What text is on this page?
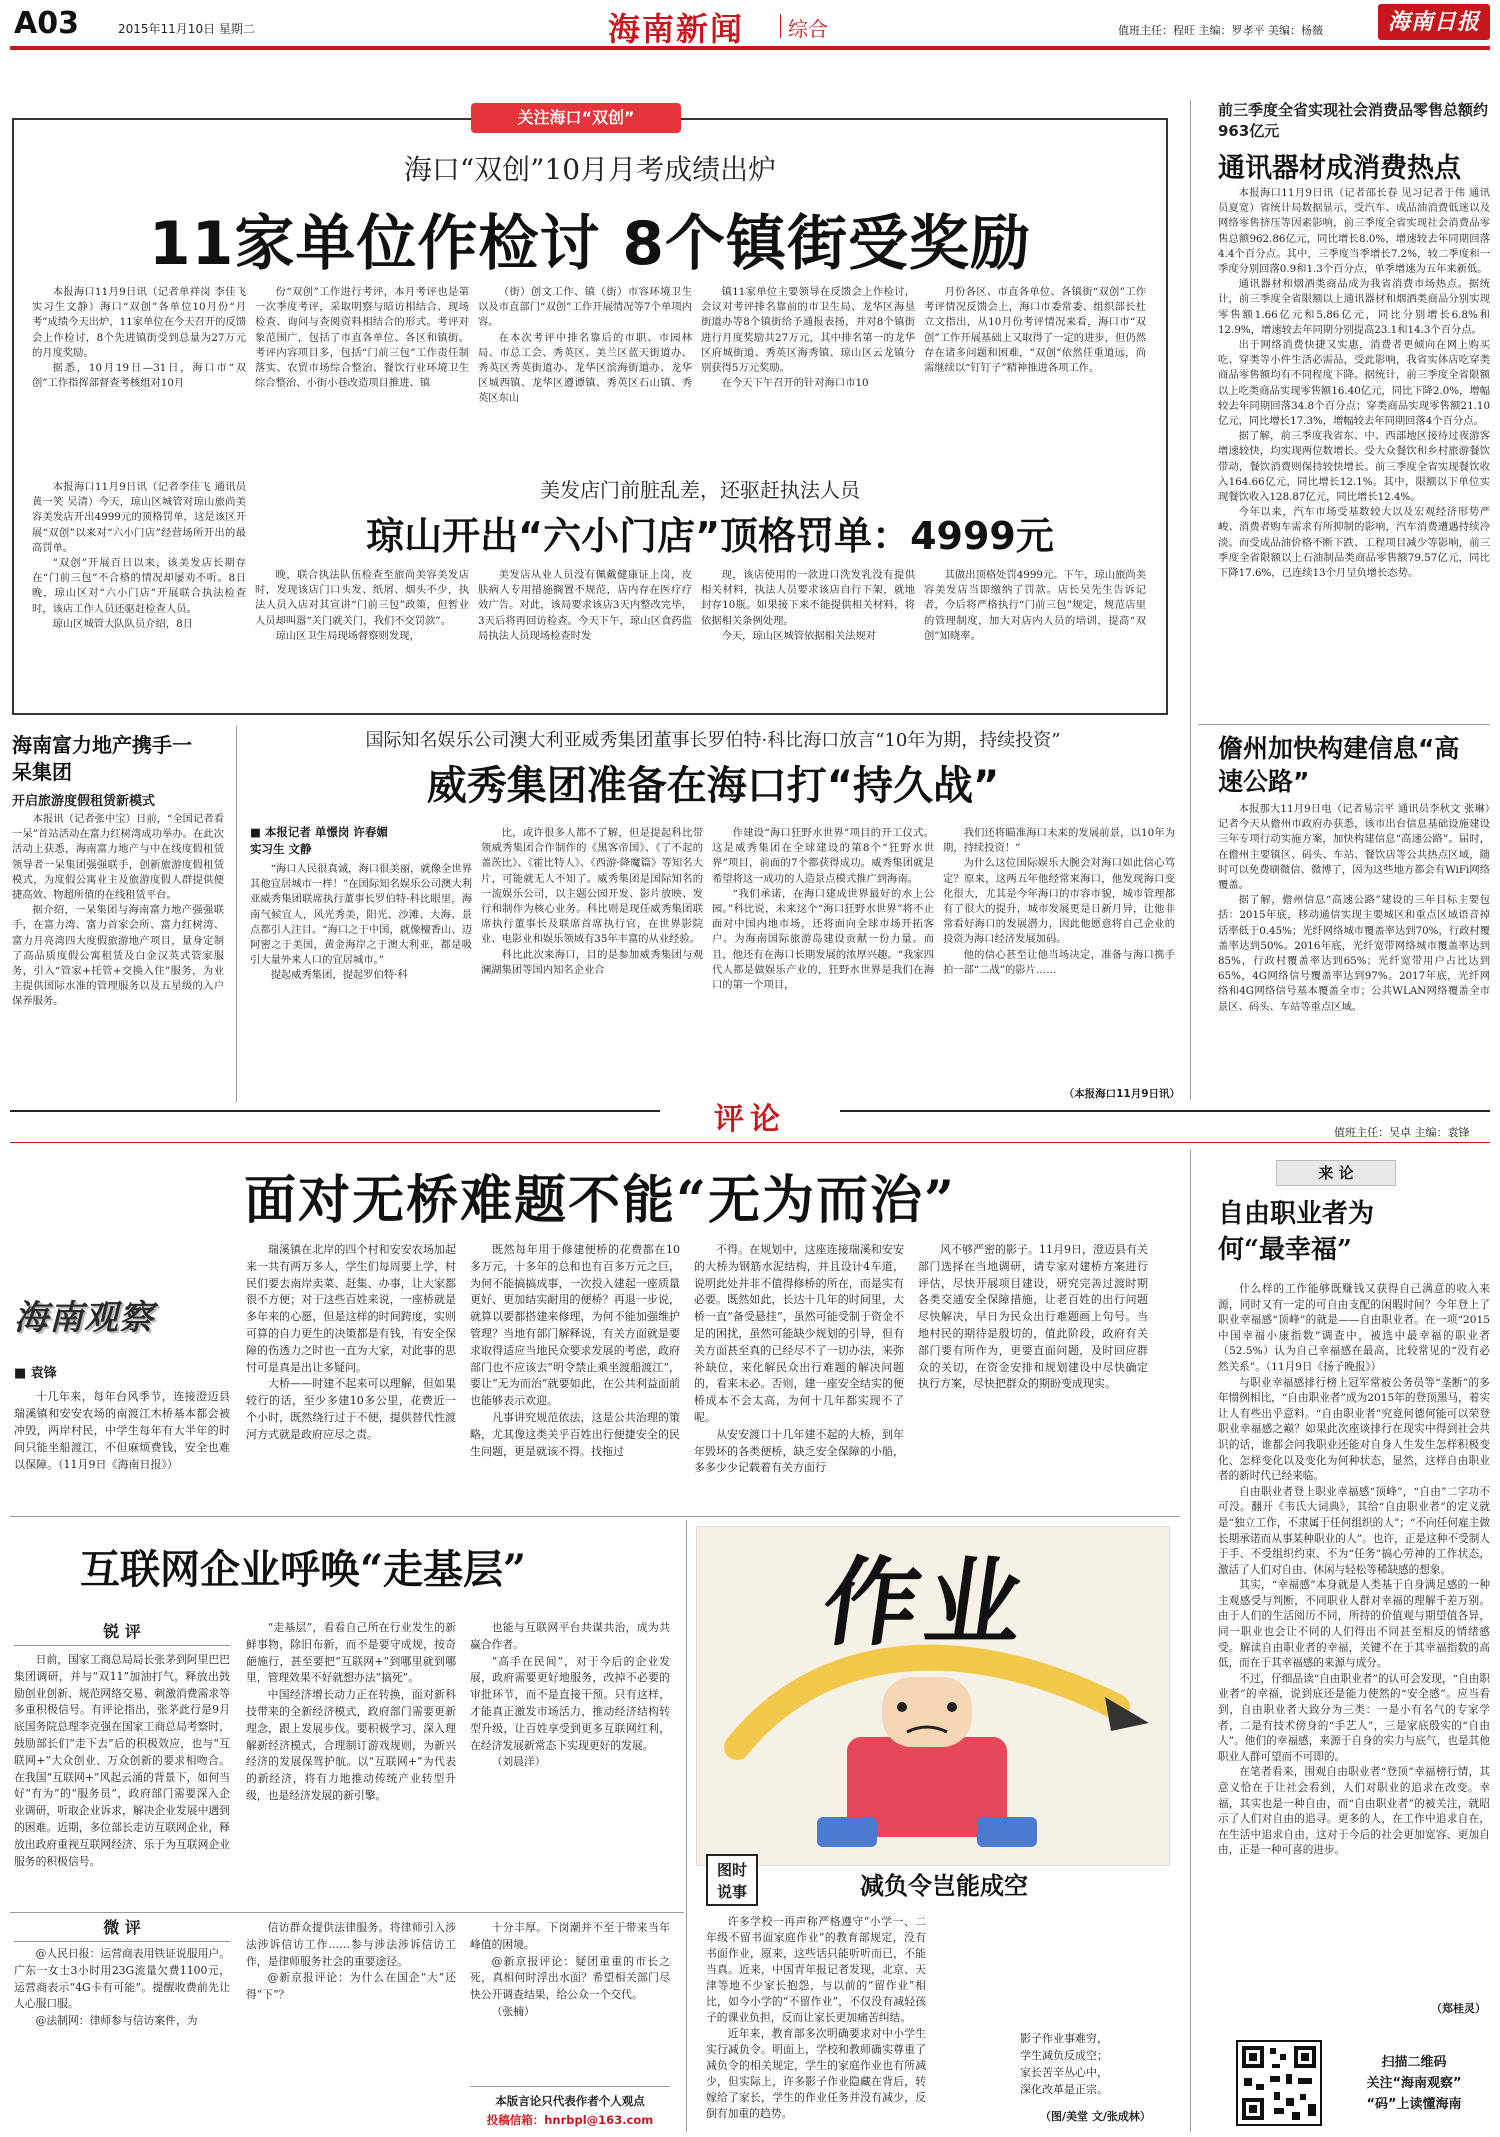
A03	2015年11月10日 星期二	海南新闻 综合	值班主任：程旺 主编：罗孝平 美编：杨薇	海南日报
关注海口“双创”
海口“双创”10月月考成绩出炉
11家单位作检讨 8个镇街受奖励

本报海口11月9日讯（记者单祥岗 李佳飞 实习生文静）海口“双创”各单位10月份“月考”成绩今天出炉，11家单位在今天召开的反馈会上作检讨，8个先进镇街受到总量为27万元的月度奖励。

据悉，10月19日—31日，海口市“双创”工作指挥部督查考核组对10月

份“双创”工作进行考评，本月考评也是第一次季度考评，采取明察与暗访相结合、现场检查、询问与查阅资料相结合的形式。考评对象范围广，包括了市直各单位、各区和镇街。考评内容项目多，包括“门前三包”工作责任制落实、农贸市场综合整治、餐饮行业环境卫生综合整治、小街小巷改造项目推进、镇

（街）创文工作、镇（街）市容环境卫生以及市直部门“双创”工作开展情况等7个单项内容。

在本次考评中排名靠后的市职、市园林局、市总工会、秀英区、美兰区蓝天街道办、秀英区秀英街道办、龙华区滨海街道办、龙华区城西镇、龙华区遵谭镇、秀英区石山镇、秀英区东山

镇11家单位主要领导在反馈会上作检讨，会议对考评排名靠前的市卫生局、龙华区海垦街道办等8个镇街给予通报表扬，并对8个镇街进行月度奖励共27万元，其中排名第一的龙华区府城街道、秀英区海秀镇、琼山区云龙镇分别获得5万元奖励。

在今天下午召开的针对海口市10

月份各区、市直各单位、各镇街“双创”工作考评情况反馈会上，海口市委常委、组织部长杜立文指出，从10月份考评情况来看，海口市“双创”工作开展基础上又取得了一定的进步，但仍然存在诸多问题和困难，“双创”依然任重道远，尚需继续以“钉钉子”精神推进各项工作。

美发店门前脏乱差，还驱赶执法人员
琼山开出“六小门店”顶格罚单：4999元

本报海口11月9日讯（记者李佳飞 通讯员黄一笑 吴清）今天，琼山区城管对琼山旅尚美容美发店开出4999元的顶格罚单，这是该区开展“双创”以来对“六小门店”经营场所开出的最高罚单。

“双创”开展百日以来，该美发店长期存在“门前三包”不合格的情况却屡劝不听。8日晚，琼山区对“六小门店”开展联合执法检查时，该店工作人员还驱赶检查人员。

琼山区城管大队队员介绍，8日

晚，联合执法队伍检查至旅尚美容美发店时，发现该店门口头发、纸屑、烟头不少，执法人员入店对其宣讲“门前三包”政策，但暂业人员却叫嚣“关门就关门，我们不交罚款”。

琼山区卫生局现场督察则发现，

美发店从业人员没有佩戴健康证上岗，皮肤病人专用措施搁置不规范，店内存在医疗疗效广告。对此，该局要求该店3天内整改完毕，3天后将再回访检查。今天下午，琼山区食药监局执法人员现场检查时发

现，该店使用的一款进口洗发乳没有提供相关材料，执法人员要求该店自行下架，就地封存10瓶。如果接下来不能提供相关材料，将依据相关条例处理。

今天，琼山区城管依据相关法规对

其做出顶格处罚4999元。下午，琼山旅尚美容美发店当即缴纳了罚款。店长吴先生告诉记者，今后将严格执行“门前三包”规定，规范店里的管理制度，加大对店内人员的培训，提高“双创”知晓率。

前三季度全省实现社会消费品零售总额约963亿元
通讯器材成消费热点

本报海口11月9日讯（记者邵长春 见习记者于伟 通讯员夏宽）省统计局数据显示，受汽车、成品油消费低迷以及网络零售挤压等因素影响，前三季度全省实现社会消费品零售总额962.86亿元，同比增长8.0%，增速较去年同期回落4.4个百分点。其中，三季度当季增长7.2%，较二季度和一季度分别回落0.9和1.3个百分点，单季增速为五年来新低。

通讯器材和烟酒类商品成为我省消费市场热点。据统计，前三季度全省限额以上通讯器材和烟酒类商品分别实现零售额1.66亿元和5.86亿元，同比分别增长6.8%和12.9%，增速较去年同期分别提高23.1和14.3个百分点。

出于网络消费快捷又实惠，消费者更倾向在网上购买吃、穿类等小件生活必需品，受此影响，我省实体店吃穿类商品零售额均有不同程度下降。据统计，前三季度全省限额以上吃类商品实现零售额16.40亿元，同比下降2.0%，增幅较去年同期回落34.8个百分点；穿类商品实现零售额21.10亿元，同比增长17.3%，增幅较去年同期回落4个百分点。

据了解，前三季度我省东、中、西部地区接待过夜游客增速较快，均实现两位数增长。受大众餐饮和乡村旅游餐饮带动，餐饮消费则保持较快增长。前三季度全省实现餐饮收入164.66亿元，同比增长12.1%。其中，限额以下单位实现餐饮收入128.87亿元，同比增长12.4%。

今年以来，汽车市场受基数较大以及宏观经济形势严峻、消费者购车需求有所抑制的影响，汽车消费遭遇持续冷淡。而受成品油价格不断下跌、工程项目减少等影响，前三季度全省限额以上石油制品类商品零售额79.57亿元，同比下降17.6%，已连续13个月呈负增长态势。

儋州加快构建信息“高速公路”

本报那大11月9日电（记者易宗平 通讯员李秋文 张琳）记者今天从儋州市政府办获悉，该市出台信息基础设施建设三年专项行动实施方案，加快构建信息“高速公路”。届时，在儋州主要镇区、码头、车站、餐饮店等公共热点区域，随时可以免费刷微信、微博了，因为这些地方都会有WiFi网络覆盖。

据了解，儋州信息“高速公路”建设的三年目标主要包括：2015年底，移动通信实现主要城区和重点区域语音掉话率低于0.45%；光纤网络城市覆盖率达到70%，行政村覆盖率达到50%。2016年底，光纤宽带网络城市覆盖率达到85%，行政村覆盖率达到65%；光纤宽带用户占比达到65%，4G网络信号覆盖率达到97%。2017年底，光纤网络和4G网络信号基本覆盖全市；公共WLAN网络覆盖全市景区、码头、车站等重点区域。

海南富力地产携手一呆集团
开启旅游度假租赁新模式

本报讯（记者张中宝）日前，“全国记者看一呆”首站活动在富力红树湾成功举办。在此次活动上获悉，海南富力地产与中在线度假租赁领导者一呆集团强强联手，创新旅游度假租赁模式，为度假公寓业主及旅游度假人群提供便捷高效、物超所值的在线租赁平台。

据介绍，一呆集团与海南富力地产强强联手，在富力湾、富力首家会所、富力红树湾、富力月亮湾四大度假旅游地产项目，量身定制了高品质度假公寓租赁及白金汉英式管家服务，引入“管家+托管+交换入住”服务，为业主提供国际水准的管理服务以及五星级的入户保养服务。

国际知名娱乐公司澳大利亚威秀集团董事长罗伯特·科比海口放言“10年为期，持续投资”
威秀集团准备在海口打“持久战”
■ 本报记者 单憬岗 许春媚
实习生 文静

“海口人民很真诚，海口很美丽，就像全世界其他宜居城市一样！”在国际知名娱乐公司澳大利亚威秀集团联席执行董事长罗伯特·科比眼里，海南气候宜人，风光秀美，阳光、沙滩、大海、景点都引人注目。“海口之于中国，就像檀香山、迈阿密之于美国，黄金海岸之于澳大利亚，都是吸引大量外来人口的宜居城市。”

提起威秀集团，提起罗伯特·科

比，或许很多人都不了解，但是提起科比带领威秀集团合作制作的《黑客帝国》、《了不起的盖茨比》、《霍比特人》、《西游·降魔篇》等知名大片，可能就无人不知了。威秀集团是国际知名的一流娱乐公司，以主题公园开发、影片放映、发行和制作为核心业务。科比则是现任威秀集团联席执行董事长及联席首席执行官，在世界影院业、电影业和娱乐领域有35年丰富的从业经验。

科比此次来海口，目的是参加威秀集团与观澜湖集团等国内知名企业合

作建设“海口狂野水世界”项目的开工仪式。这是威秀集团在全球建设的第8个“狂野水世界”项目，前面的7个都获得成功。威秀集团就是希望将这一成功的人造景点模式推广到海南。

“我们承诺，在海口建成世界最好的水上公园。”科比说，未来这个“海口狂野水世界”将不止面对中国内地市场，还将面向全球市场开拓客户。为海南国际旅游岛建设贡献一份力量。而且，他还有在海口长期发展的浓厚兴趣。“我家四代人都是做娱乐产业的，狂野水世界是我们在海口的第一个项目，

我们还将瞄准海口未来的发展前景，以10年为期，持续投资！”

为什么这位国际娱乐大腕会对海口如此信心笃定？原来，这两五年他经常来海口，他发现海口变化很大，尤其是今年海口的市容市貌，城市管理都有了很大的提升，城市发展更是日新月异，让他非常看好海口的发展潜力，因此他愿意将自己企业的投资为海口经济发展加码。

他的信心甚至让他当场决定，准备与海口携手拍一部“二战”的影片……

（本报海口11月9日讯）
评论	值班主任：吴卓 主编：袁锋
面对无桥难题不能“无为而治”
海南观察
■ 袁锋

十几年来，每年台风季节，连接澄迈县瑞溪镇和安安农场的南渡江木桥基本都会被冲毁，两岸村民，中学生每年有大半年的时间只能坐船渡江，不但麻烦费钱，安全也难以保障。（11月9日《海南日报》）

瑞溪镇在北岸的四个村和安安农场加起来一共有两万多人，学生们每周要上学，村民们要去南岸卖菜、赶集、办事，让大家都很不方便；对于这些百姓来说，一座桥就是多年来的心愿，但是这样的时间跨度，实则可算的自力更生的决策都是有钱，有安全保障的伤透力之时也一直为大家，对此事的思忖可是真是出让多疑问。

大桥——时建不起来可以理解，但如果较行的话，至少多建10多公里，花费近一个小时，既然绕行过于不便，提供替代性渡河方式就是政府应尽之责。

既然每年用于修建便桥的花费都在10多万元，十多年的总和也有百多万元之巨，为何不能搞搞成事，一次投入建起一座质量更好、更加结实耐用的便桥？再退一步说，就算以要都搭建来修理，为何不能加强维护管理？当地有部门解释说，有关方面就是要求取得适应当地民众要求发展的考虑，政府部门也不应该去“明令禁止乘坐渡船渡江”，要让“无为而治”就要如此，在公共利益面前也能够表示欢迎。

凡事讲究规范依法，这是公共治理的策略，尤其像这类关乎百姓出行便捷安全的民生问题，更是就该不得。找拖过

不得。在规划中，这座连接瑞溪和安安的大桥为钢筋水泥结构，并且设计4车道，说明此处并非不值得修桥的所在，而是实有必要。既然如此，长达十几年的时间里，大桥一直“备受悬挂”，虽然可能受制于资金不足的困扰，虽然可能缺少规划的引导，但有关方面甚至真的已经尽不了一切办法，来弥补缺位，来化解民众出行难题的解决问题的，看来未必。否则，建一座安全结实的便桥成本不会太高，为何十几年都实现不了呢。

从安安渡口十几年建不起的大桥，到年年毁坏的各类便桥，缺乏安全保障的小船，多多少少记载着有关方面行

风不够严密的影子。11月9日，澄迈县有关部门选择在当地调研，请专家对建桥方案进行评估，尽快开展项目建设，研究完善过渡时期各类交通安全保障措施，让老百姓的出行问题尽快解决，早日为民众出行难题画上句号。当地村民的期待是殷切的，值此阶段，政府有关部门要有所作为，更要直面问题，及时回应群众的关切，在资金安排和规划建设中尽快确定执行方案，尽快把群众的期盼变成现实。

互联网企业呼唤“走基层”
锐 评

日前，国家工商总局局长张茅到阿里巴巴集团调研，并与“双11”加油打气，释放出鼓励创业创新、规范网络交易、刺激消费需求等多重积极信号。有评论指出，张茅此行是9月底国务院总理李克强在国家工商总局考察时，鼓励部长们“走下去”后的积极效应，也与“互联网+”大众创业、万众创新的要求相吻合。在我国“互联网+”风起云涌的背景下，如何当好“有为”的“服务员”，政府部门需要深入企业调研，听取企业诉求，解决企业发展中遇到的困难。近期，多位部长走访互联网企业，释放出政府重视互联网经济、乐于为互联网企业服务的积极信号。

“走基层”，看看自己所在行业发生的新鲜事物，除旧布新，而不是要守成规，按奇葩施行，甚至要把“互联网+”到哪里就到哪里，管理效果不好就想办法“搞死”。

中国经济增长动力正在转换，面对新科技带来的全新经济模式，政府部门需要更新理念，跟上发展步伐。要积极学习、深入理解新经济模式，合理制订游戏规则，为新兴经济的发展保驾护航。以“互联网+”为代表的新经济，将有力地推动传统产业转型升级，也是经济发展的新引擎。

也能与互联网平台共谋共治，成为共赢合作者。

“高手在民间”，对于今后的企业发展，政府需要更好地服务，改掉不必要的审批环节，而不是直接干预。只有这样，才能真正激发市场活力，推动经济结构转型升级，让百姓享受到更多互联网红利，在经济发展新常态下实现更好的发展。

（刘晨洋）

微 评

@人民日报：运营商表用铁证说服用户。广东一女士3小时用23G流量欠费1100元，运营商表示“4G卡有可能”。提醒收费前先让人心服口服。

@法制网：律师参与信访案件，为

信访群众提供法律服务。将律师引入涉法涉诉信访工作……参与涉法涉诉信访工作，是律师服务社会的重要途径。

@新京报评论：为什么在国企“大”还得“下”？

十分丰厚。下岗潮并不至于带来当年峰值的困境。

@新京报评论：疑团重重的市长之死，真相何时浮出水面？希望相关部门尽快公开调查结果，给公众一个交代。

（张楠）

本版言论只代表作者个人观点
投稿信箱：hnrbpl@163.com
作业
图时
说事	减负令岂能成空

许多学校一再声称严格遵守“小学一、二年级不留书面家庭作业”的教育部规定，没有书面作业，原来，这些话只能听听而已，不能当真。近来，中国青年报记者发现，北京、天津等地不少家长抱怨，与以前的“留作业”相比，如今小学的“不留作业”，不仅没有减轻孩子的课业负担，反而让家长更加痛苦纠结。

近年来，教育部多次明确要求对中小学生实行减负令。明面上，学校和教师确实尊重了减负令的相关规定，学生的家庭作业也有所减少，但实际上，许多影子作业隐藏在背后，转嫁给了家长，学生的作业任务并没有减少，反倒有加重的趋势。

影子作业事难穷，
学生减负反成空；
家长苦辛丛心中，
深化改革是正宗。
（图/美堂 文/张成林）
来 论
自由职业者为何“最幸福”

什么样的工作能够既赚钱又获得自己满意的收入来源，同时又有一定的可自由支配的闲暇时间？今年登上了职业幸福感“顶峰”的就是——自由职业者。在一项“2015中国幸福小康指数”调查中，被选中最幸福的职业者（52.5%）认为自己幸福感在最高，比较常见的“没有必然关系”。（11月9日《扬子晚报》）

与职业幸福感排行榜上冠军常被公务员等“垄断”的多年惯例相比，“自由职业者”成为2015年的登顶黑马，着实让人有些出乎意料。“自由职业者”究竟何德何能可以荣登职业幸福感之巅？如果此次座谈排行在现实中得到社会共识的话，谁都会问我职业还能对自身人生发生怎样积极变化、怎样变化以及变化为何种状态，显然，这样自由职业者的新时代已经来临。

自由职业者登上职业幸福感“顶峰”，“自由”二字功不可没。翻开《韦氏大词典》，其给“自由职业者”的定义就是“独立工作，不隶属于任何组织的人”；“不向任何雇主做长期承诺而从事某种职业的人”。也许，正是这种不受制人于手、不受组织约束、不为“任务”搞心劳神的工作状态，激活了人们对自由、休闲与轻松等稀缺感的想象。

其实，“幸福感”本身就是人类基于自身满足感的一种主观感受与判断，不同职业人群对幸福的理解千差万别。由于人们的生活阅历不同，所持的价值观与期望值各异，同一职业也会让不同的人们得出不同甚至相反的情绪感受。解读自由职业者的幸福，关键不在于其幸福指数的高低，而在于其幸福感的来源与成分。

不过，仔细品读“自由职业者”的认可会发现，“自由职业者”的幸福，说到底还是能力使然的“安全感”。应当看到，自由职业者大致分为三类：一是小有名气的专家学者，二是有技术傍身的“手艺人”，三是家底殷实的“自由人”。他们的幸福感，来源于自身的实力与底气，也是其他职业人群可望而不可即的。

在笔者看来，围观自由职业者“登顶”幸福榜行情，其意义恰在于让社会看到，人们对职业的追求在改变。幸福，其实也是一种自由，而“自由职业者”的被关注，就昭示了人们对自由的追寻。更多的人，在工作中追求自在，在生活中追求自由，这对于今后的社会更加宽容、更加自由，正是一种可喜的进步。

（郑桂灵）
扫描二维码
关注“海南观察”
“码”上读懂海南
